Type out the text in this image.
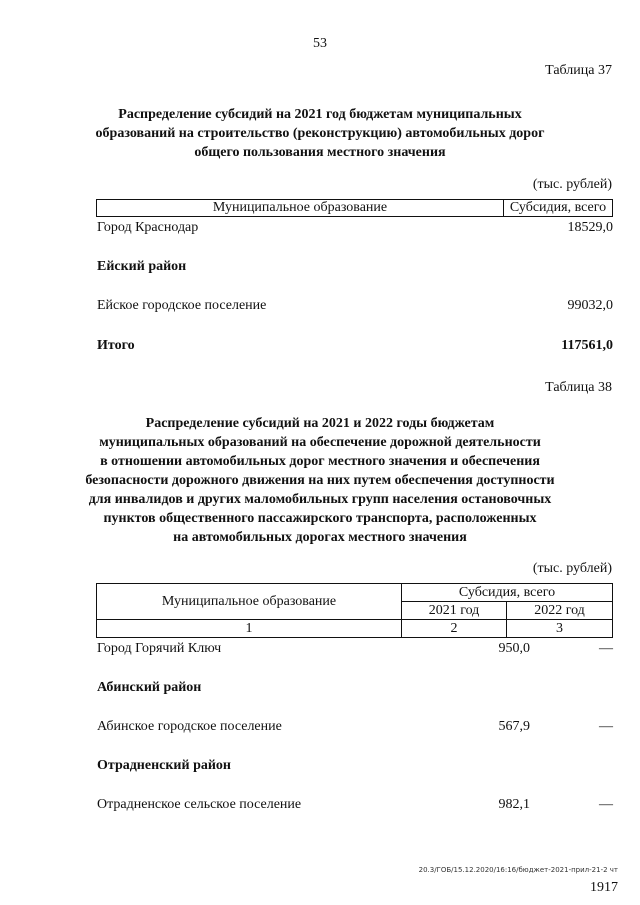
53
Таблица 37
Распределение субсидий на 2021 год бюджетам муниципальных
образований на строительство (реконструкцию) автомобильных дорог
общего пользования местного значения
(тыс. рублей)
Муниципальное образование	Субсидия, всего
Город Краснодар	18529,0
Ейский район
Ейское городское поселение	99032,0
Итого	117561,0
Таблица 38
Распределение субсидий на 2021 и 2022 годы бюджетам
муниципальных образований на обеспечение дорожной деятельности
в отношении автомобильных дорог местного значения и обеспечения
безопасности дорожного движения на них путем обеспечения доступности
для инвалидов и других маломобильных групп населения остановочных
пунктов общественного пассажирского транспорта, расположенных
на автомобильных дорогах местного значения
(тыс. рублей)
Муниципальное образование	Субсидия, всего	
	2021 год	2022 год
1	2	3
Город Горячий Ключ	950,0	—
Абинский район
Абинское городское поселение	567,9	—
Отрадненский район
Отрадненское сельское поселение	982,1	—
20.3/ГОБ/15.12.2020/16:16/бюджет-2021-прил-21-2 чт
1917
